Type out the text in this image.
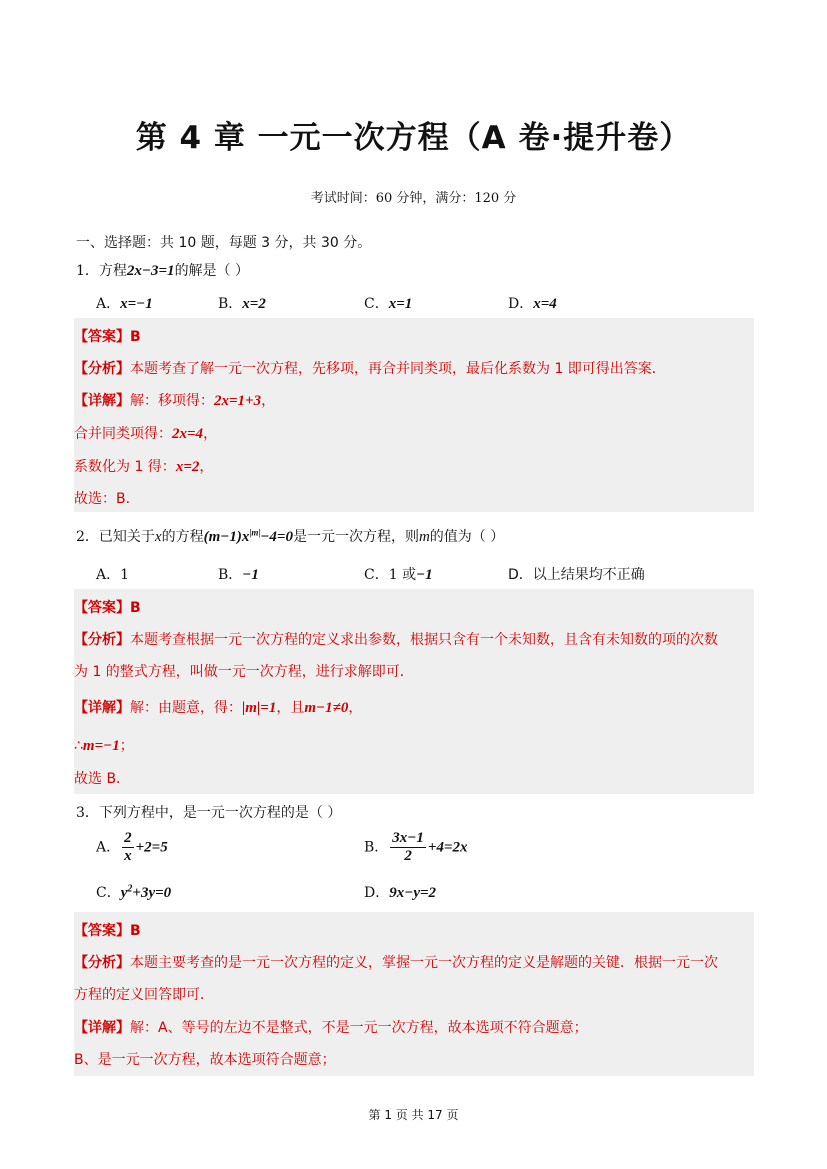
第 4 章 一元一次方程（A 卷·提升卷）
考试时间：60 分钟，满分：120 分
一、选择题：共 10 题，每题 3 分，共 30 分。
1．方程2x−3=1的解是（ ）
A．x=−1	B．x=2	C．x=1	D．x=4
【答案】B
【分析】本题考查了解一元一次方程，先移项，再合并同类项，最后化系数为 1 即可得出答案．
【详解】解：移项得：2x=1+3，
合并同类项得：2x=4，
系数化为 1 得：x=2，
故选：B．
2．已知关于x的方程$(m-1)x^{|m|}-4=0$是一元一次方程，则m的值为（ ）
A．1	B．−1	C．1 或−1	D．以上结果均不正确
【答案】B
【分析】本题考查根据一元一次方程的定义求出参数，根据只含有一个未知数，且含有未知数的项的次数
为 1 的整式方程，叫做一元一次方程，进行求解即可．
【详解】解：由题意，得：|m|=1，且m−1≠0，
∴m=−1；
故选 B．
3．下列方程中，是一元一次方程的是（ ）
A． $\frac{2}{x} +2=5$	B． $\frac{3x-1}{2} +4=2x$
C．$y^2+3y=0$	D．9x−y=2
【答案】B
【分析】本题主要考查的是一元一次方程的定义，掌握一元一次方程的定义是解题的关键．根据一元一次
方程的定义回答即可．
【详解】解：A、等号的左边不是整式，不是一元一次方程，故本选项不符合题意；
B、是一元一次方程，故本选项符合题意；
第 1 页 共 17 页
